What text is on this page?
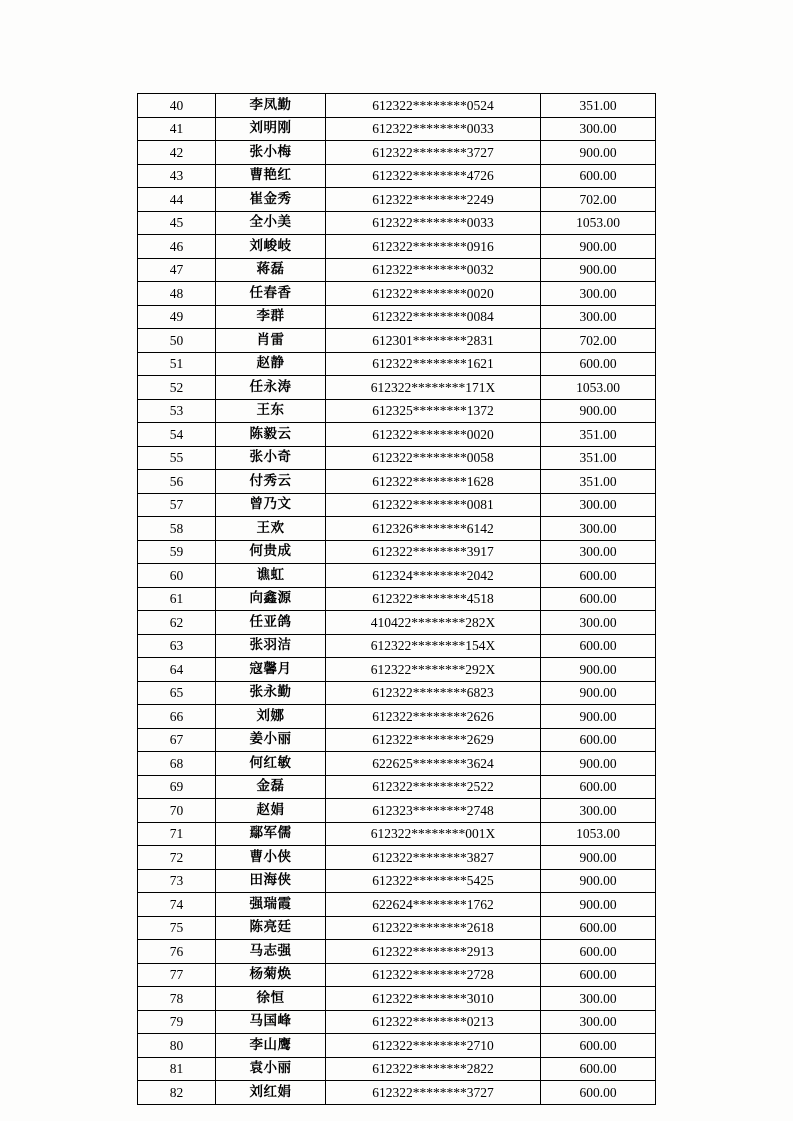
40	李凤勤	612322********0524	351.00
41	刘明刚	612322********0033	300.00
42	张小梅	612322********3727	900.00
43	曹艳红	612322********4726	600.00
44	崔金秀	612322********2249	702.00
45	全小美	612322********0033	1053.00
46	刘峻岐	612322********0916	900.00
47	蒋磊	612322********0032	900.00
48	任春香	612322********0020	300.00
49	李群	612322********0084	300.00
50	肖雷	612301********2831	702.00
51	赵静	612322********1621	600.00
52	任永涛	612322********171X	1053.00
53	王东	612325********1372	900.00
54	陈毅云	612322********0020	351.00
55	张小奇	612322********0058	351.00
56	付秀云	612322********1628	351.00
57	曾乃文	612322********0081	300.00
58	王欢	612326********6142	300.00
59	何贵成	612322********3917	300.00
60	谯虹	612324********2042	600.00
61	向鑫源	612322********4518	600.00
62	任亚鸽	410422********282X	300.00
63	张羽洁	612322********154X	600.00
64	寇馨月	612322********292X	900.00
65	张永勤	612322********6823	900.00
66	刘娜	612322********2626	900.00
67	姜小丽	612322********2629	600.00
68	何红敏	622625********3624	900.00
69	金磊	612322********2522	600.00
70	赵娟	612323********2748	300.00
71	鄢军儒	612322********001X	1053.00
72	曹小侠	612322********3827	900.00
73	田海侠	612322********5425	900.00
74	强瑞霞	622624********1762	900.00
75	陈亮廷	612322********2618	600.00
76	马志强	612322********2913	600.00
77	杨菊焕	612322********2728	600.00
78	徐恒	612322********3010	300.00
79	马国峰	612322********0213	300.00
80	李山鹰	612322********2710	600.00
81	袁小丽	612322********2822	600.00
82	刘红娟	612322********3727	600.00
